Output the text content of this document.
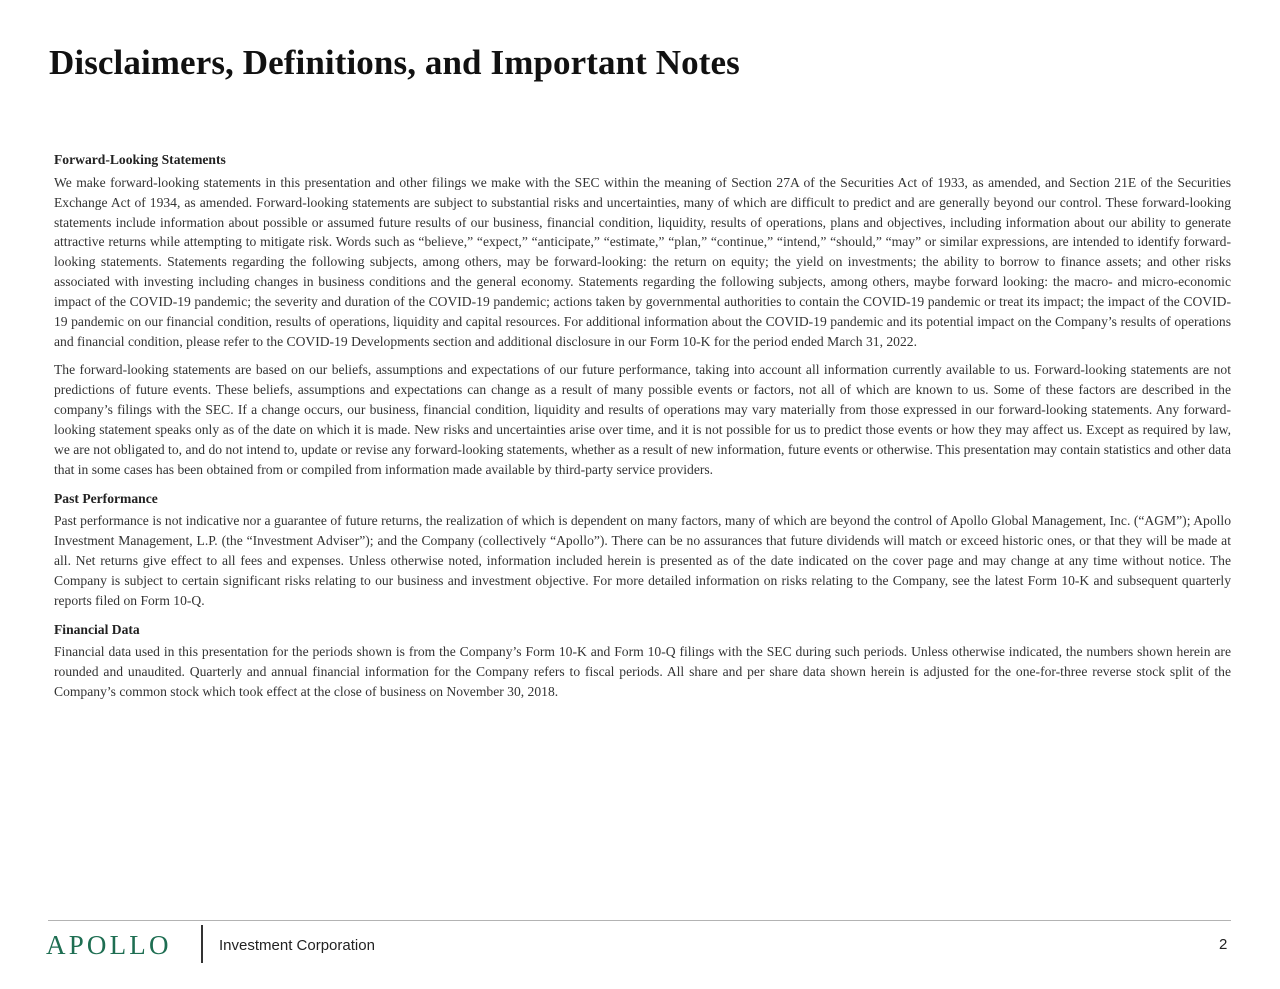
Disclaimers, Definitions, and Important Notes

Forward-Looking Statements

We make forward-looking statements in this presentation and other filings we make with the SEC within the meaning of Section 27A of the Securities Act of 1933, as amended, and Section 21E of the Securities Exchange Act of 1934, as amended. Forward-looking statements are subject to substantial risks and uncertainties, many of which are difficult to predict and are generally beyond our control. These forward-looking statements include information about possible or assumed future results of our business, financial condition, liquidity, results of operations, plans and objectives, including information about our ability to generate attractive returns while attempting to mitigate risk. Words such as “believe,” “expect,” “anticipate,” “estimate,” “plan,” “continue,” “intend,” “should,” “may” or similar expressions, are intended to identify forward-looking statements. Statements regarding the following subjects, among others, may be forward-looking: the return on equity; the yield on investments; the ability to borrow to finance assets; and other risks associated with investing including changes in business conditions and the general economy. Statements regarding the following subjects, among others, maybe forward looking: the macro- and micro-economic impact of the COVID-19 pandemic; the severity and duration of the COVID-19 pandemic; actions taken by governmental authorities to contain the COVID-19 pandemic or treat its impact; the impact of the COVID-19 pandemic on our financial condition, results of operations, liquidity and capital resources. For additional information about the COVID-19 pandemic and its potential impact on the Company’s results of operations and financial condition, please refer to the COVID-19 Developments section and additional disclosure in our Form 10-K for the period ended March 31, 2022.

The forward-looking statements are based on our beliefs, assumptions and expectations of our future performance, taking into account all information currently available to us. Forward-looking statements are not predictions of future events. These beliefs, assumptions and expectations can change as a result of many possible events or factors, not all of which are known to us. Some of these factors are described in the company’s filings with the SEC. If a change occurs, our business, financial condition, liquidity and results of operations may vary materially from those expressed in our forward-looking statements. Any forward-looking statement speaks only as of the date on which it is made. New risks and uncertainties arise over time, and it is not possible for us to predict those events or how they may affect us. Except as required by law, we are not obligated to, and do not intend to, update or revise any forward-looking statements, whether as a result of new information, future events or otherwise. This presentation may contain statistics and other data that in some cases has been obtained from or compiled from information made available by third-party service providers.

Past Performance

Past performance is not indicative nor a guarantee of future returns, the realization of which is dependent on many factors, many of which are beyond the control of Apollo Global Management, Inc. (“AGM”); Apollo Investment Management, L.P. (the “Investment Adviser”); and the Company (collectively “Apollo”). There can be no assurances that future dividends will match or exceed historic ones, or that they will be made at all. Net returns give effect to all fees and expenses. Unless otherwise noted, information included herein is presented as of the date indicated on the cover page and may change at any time without notice. The Company is subject to certain significant risks relating to our business and investment objective. For more detailed information on risks relating to the Company, see the latest Form 10-K and subsequent quarterly reports filed on Form 10-Q.

Financial Data

Financial data used in this presentation for the periods shown is from the Company’s Form 10-K and Form 10-Q filings with the SEC during such periods. Unless otherwise indicated, the numbers shown herein are rounded and unaudited. Quarterly and annual financial information for the Company refers to fiscal periods. All share and per share data shown herein is adjusted for the one-for-three reverse stock split of the Company’s common stock which took effect at the close of business on November 30, 2018.

APOLLO	Investment Corporation	2
